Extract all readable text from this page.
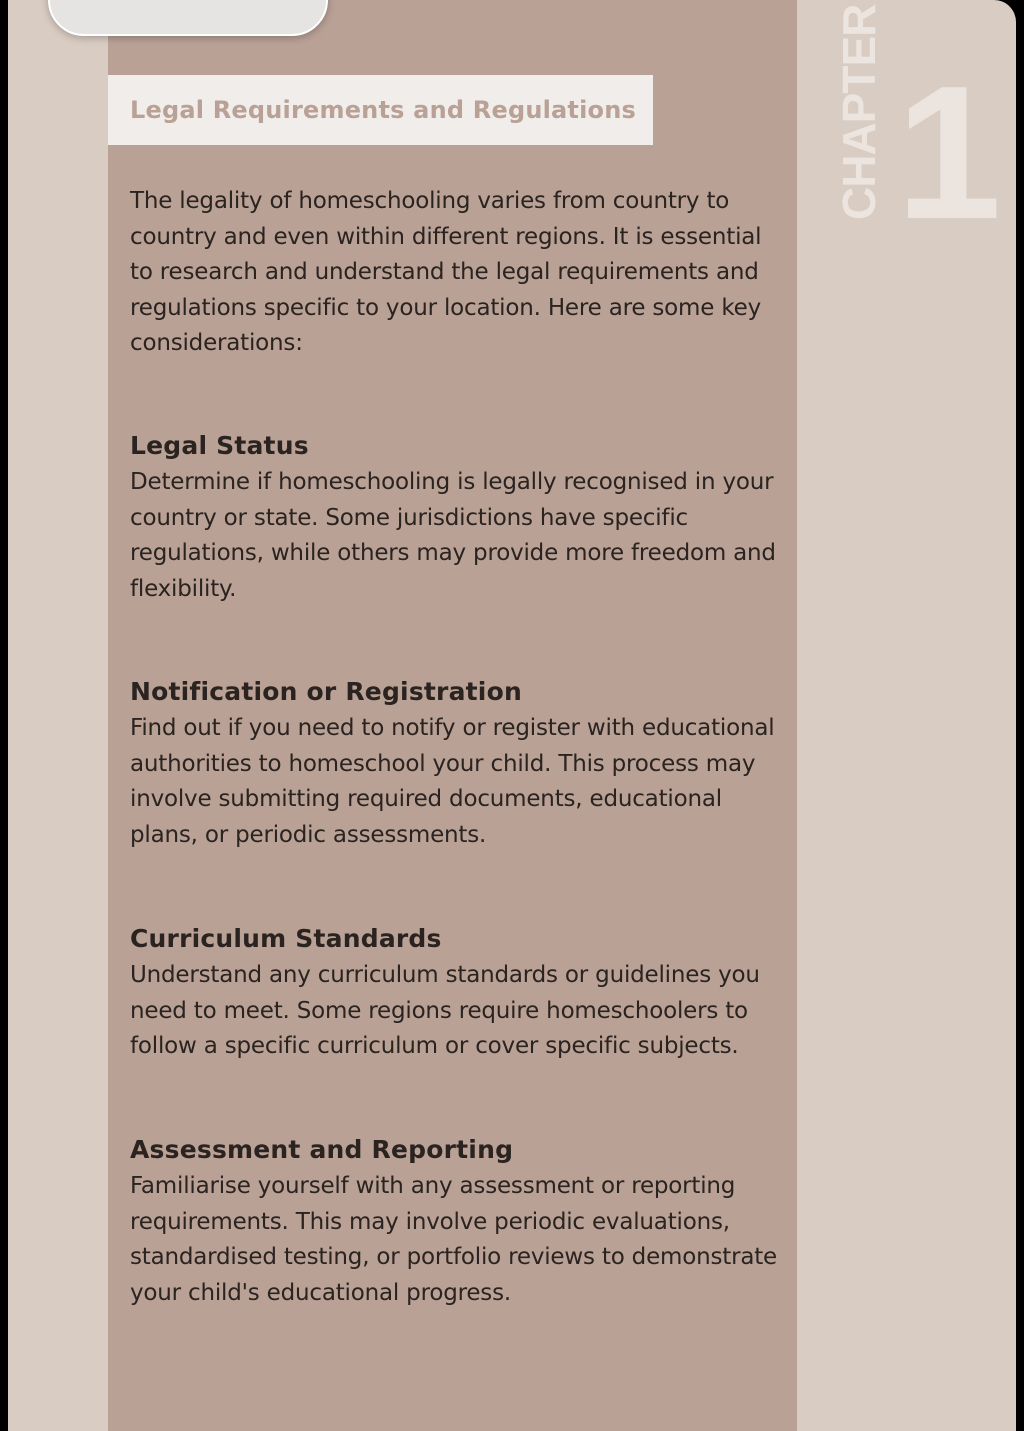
Legal Requirements and Regulations	CHAPTER 1
The legality of homeschooling varies from country to country and even within different regions. It is essential to research and understand the legal requirements and regulations specific to your location. Here are some key considerations:
Legal Status
Determine if homeschooling is legally recognised in your country or state. Some jurisdictions have specific regulations, while others may provide more freedom and flexibility.
Notification or Registration
Find out if you need to notify or register with educational authorities to homeschool your child. This process may involve submitting required documents, educational plans, or periodic assessments.
Curriculum Standards
Understand any curriculum standards or guidelines you need to meet. Some regions require homeschoolers to follow a specific curriculum or cover specific subjects.
Assessment and Reporting
Familiarise yourself with any assessment or reporting requirements. This may involve periodic evaluations, standardised testing, or portfolio reviews to demonstrate your child's educational progress.
